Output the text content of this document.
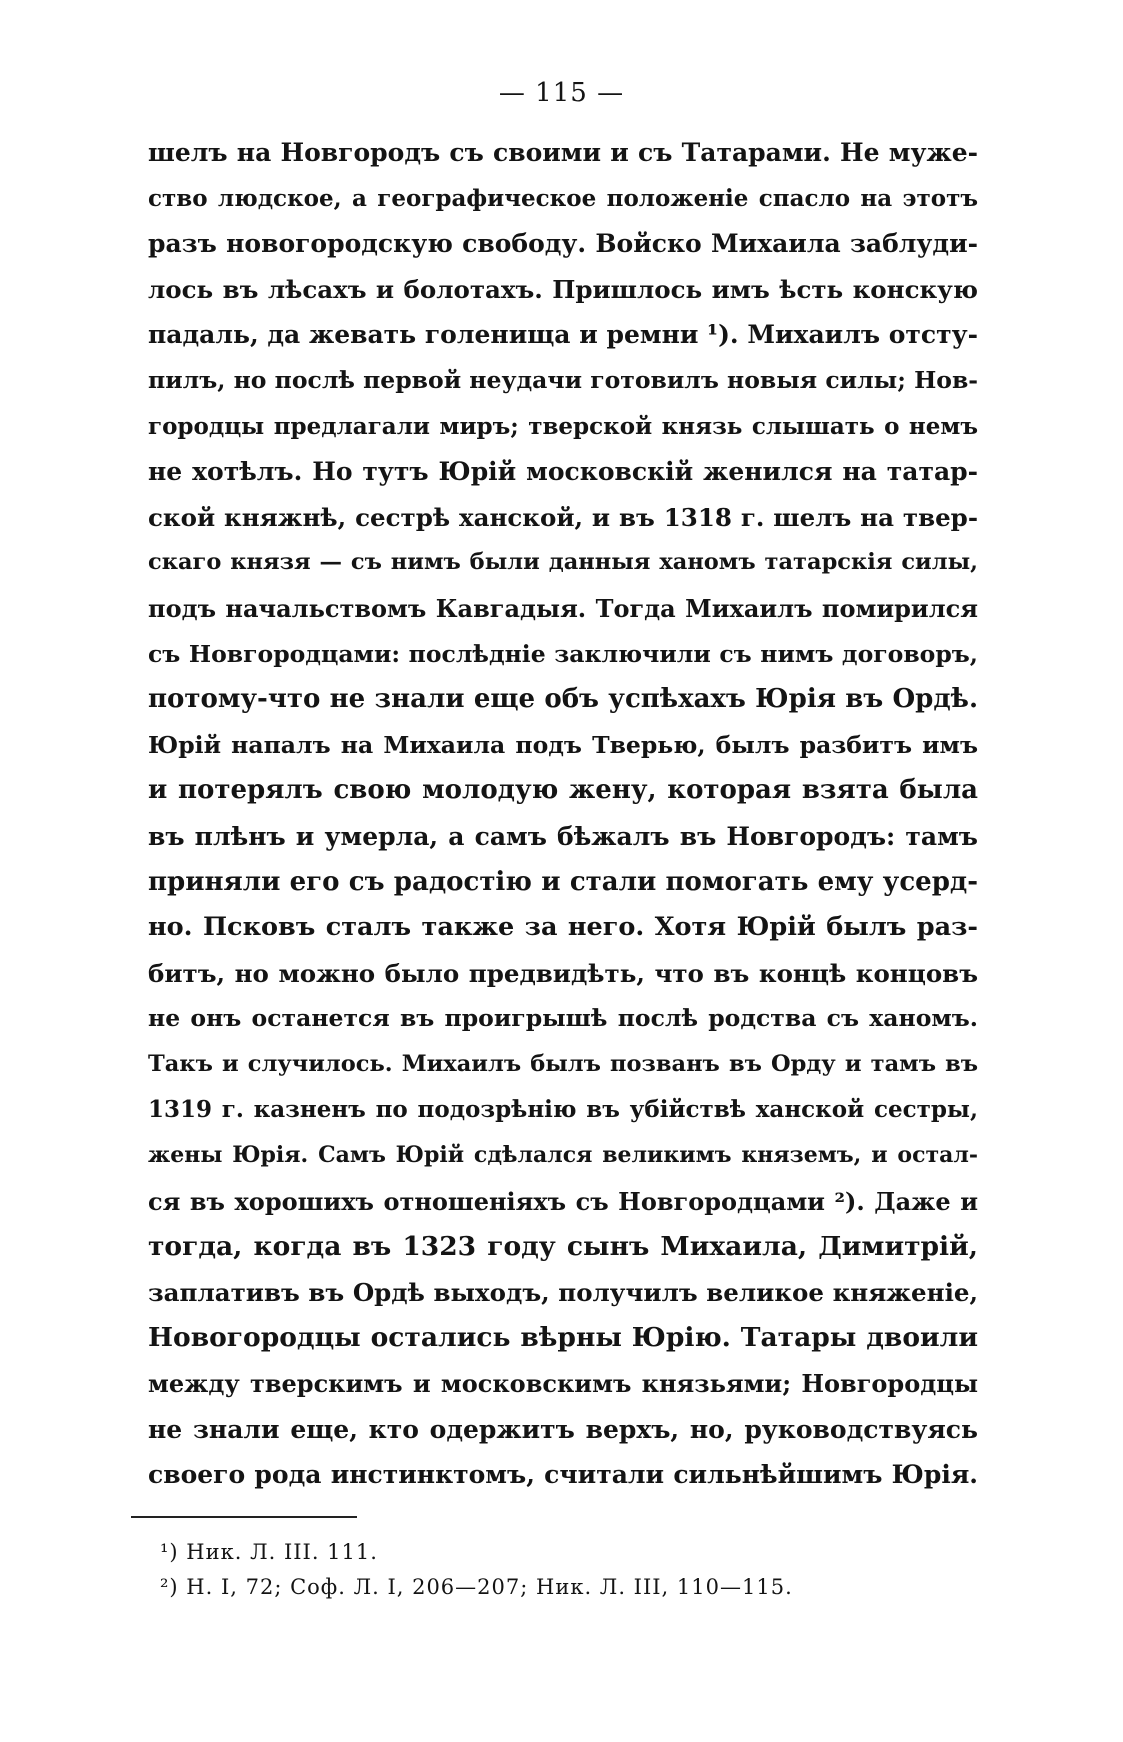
— 115 —
шелъ на Новгородъ съ своими и съ Татарами. Не муже-
ство людское, а географическое положеніе спасло на этотъ
разъ новогородскую свободу. Войско Михаила заблуди-
лось въ лѣсахъ и болотахъ. Пришлось имъ ѣсть конскую
падаль, да жевать голенища и ремни ¹). Михаилъ отсту-
пилъ, но послѣ первой неудачи готовилъ новыя силы; Нов-
городцы предлагали миръ; тверской князь слышать о немъ
не хотѣлъ. Но тутъ Юрій московскій женился на татар-
ской княжнѣ, сестрѣ ханской, и въ 1318 г. шелъ на твер-
скаго князя — съ нимъ были данныя ханомъ татарскія силы,
подъ начальствомъ Кавгадыя. Тогда Михаилъ помирился
съ Новгородцами: послѣдніе заключили съ нимъ договоръ,
потому-что не знали еще объ успѣхахъ Юрія въ Ордѣ.
Юрій напалъ на Михаила подъ Тверью, былъ разбитъ имъ
и потерялъ свою молодую жену, которая взята была
въ плѣнъ и умерла, а самъ бѣжалъ въ Новгородъ: тамъ
приняли его съ радостію и стали помогать ему усерд-
но. Псковъ сталъ также за него. Хотя Юрій былъ раз-
битъ, но можно было предвидѣть, что въ концѣ концовъ
не онъ останется въ проигрышѣ послѣ родства съ ханомъ.
Такъ и случилось. Михаилъ былъ позванъ въ Орду и тамъ въ
1319 г. казненъ по подозрѣнію въ убійствѣ ханской сестры,
жены Юрія. Самъ Юрій сдѣлался великимъ княземъ, и остал-
ся въ хорошихъ отношеніяхъ съ Новгородцами ²). Даже и
тогда, когда въ 1323 году сынъ Михаила, Димитрій,
заплативъ въ Ордѣ выходъ, получилъ великое княженіе,
Новогородцы остались вѣрны Юрію. Татары двоили
между тверскимъ и московскимъ князьями; Новгородцы
не знали еще, кто одержитъ верхъ, но, руководствуясь
своего рода инстинктомъ, считали сильнѣйшимъ Юрія.
¹) Ник. Л. III. 111.
²) Н. I, 72; Соф. Л. I, 206—207; Ник. Л. III, 110—115.
